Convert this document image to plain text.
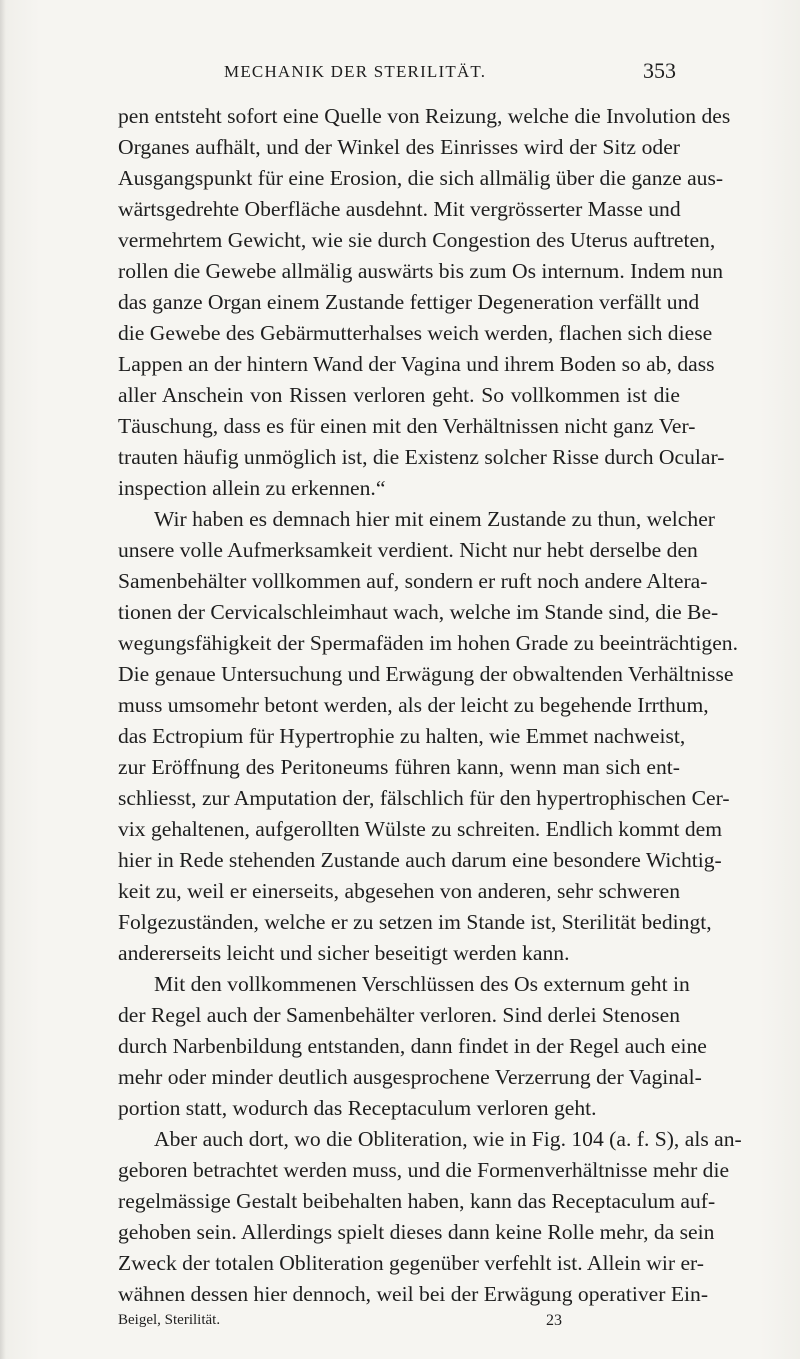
MECHANIK DER STERILITÄT.	353
pen entsteht sofort eine Quelle von Reizung, welche die Involution des
Organes aufhält, und der Winkel des Einrisses wird der Sitz oder
Ausgangspunkt für eine Erosion, die sich allmälig über die ganze aus-
wärtsgedrehte Oberfläche ausdehnt. Mit vergrösserter Masse und
vermehrtem Gewicht, wie sie durch Congestion des Uterus auftreten,
rollen die Gewebe allmälig auswärts bis zum Os internum. Indem nun
das ganze Organ einem Zustande fettiger Degeneration verfällt und
die Gewebe des Gebärmutterhalses weich werden, flachen sich diese
Lappen an der hintern Wand der Vagina und ihrem Boden so ab, dass
aller Anschein von Rissen verloren geht. So vollkommen ist die
Täuschung, dass es für einen mit den Verhältnissen nicht ganz Ver-
trauten häufig unmöglich ist, die Existenz solcher Risse durch Ocular-
inspection allein zu erkennen.“
Wir haben es demnach hier mit einem Zustande zu thun, welcher
unsere volle Aufmerksamkeit verdient. Nicht nur hebt derselbe den
Samenbehälter vollkommen auf, sondern er ruft noch andere Altera-
tionen der Cervicalschleimhaut wach, welche im Stande sind, die Be-
wegungsfähigkeit der Spermafäden im hohen Grade zu beeinträchtigen.
Die genaue Untersuchung und Erwägung der obwaltenden Verhältnisse
muss umsomehr betont werden, als der leicht zu begehende Irrthum,
das Ectropium für Hypertrophie zu halten, wie Emmet nachweist,
zur Eröffnung des Peritoneums führen kann, wenn man sich ent-
schliesst, zur Amputation der, fälschlich für den hypertrophischen Cer-
vix gehaltenen, aufgerollten Wülste zu schreiten. Endlich kommt dem
hier in Rede stehenden Zustande auch darum eine besondere Wichtig-
keit zu, weil er einerseits, abgesehen von anderen, sehr schweren
Folgezuständen, welche er zu setzen im Stande ist, Sterilität bedingt,
andererseits leicht und sicher beseitigt werden kann.
Mit den vollkommenen Verschlüssen des Os externum geht in
der Regel auch der Samenbehälter verloren. Sind derlei Stenosen
durch Narbenbildung entstanden, dann findet in der Regel auch eine
mehr oder minder deutlich ausgesprochene Verzerrung der Vaginal-
portion statt, wodurch das Receptaculum verloren geht.
Aber auch dort, wo die Obliteration, wie in Fig. 104 (a. f. S), als an-
geboren betrachtet werden muss, und die Formenverhältnisse mehr die
regelmässige Gestalt beibehalten haben, kann das Receptaculum auf-
gehoben sein. Allerdings spielt dieses dann keine Rolle mehr, da sein
Zweck der totalen Obliteration gegenüber verfehlt ist. Allein wir er-
wähnen dessen hier dennoch, weil bei der Erwägung operativer Ein-
Beigel, Sterilität.	23
